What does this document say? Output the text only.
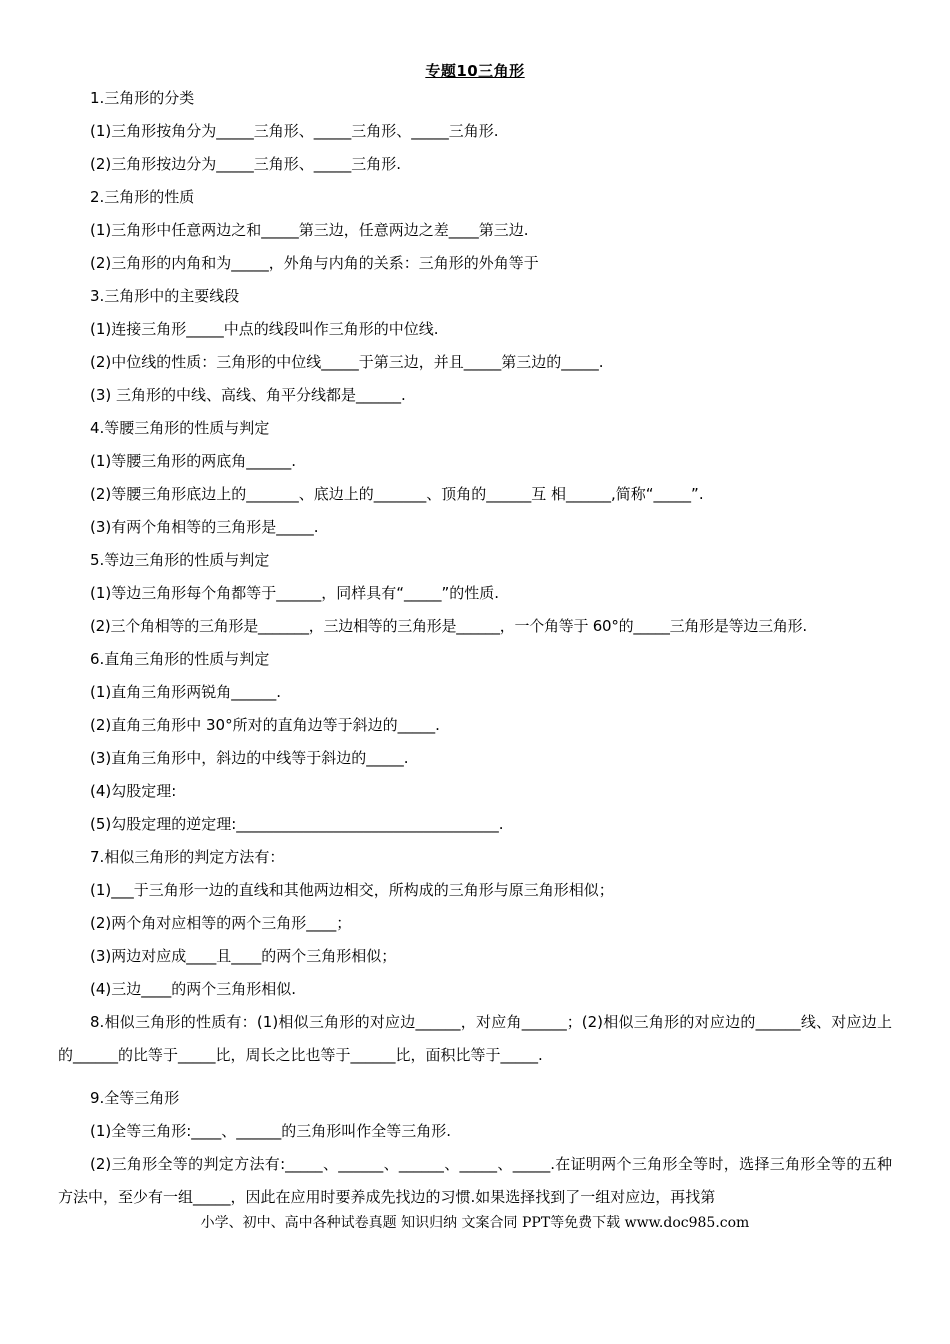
专题10三角形
1.三角形的分类
(1)三角形按角分为_____三角形、_____三角形、_____三角形.
(2)三角形按边分为_____三角形、_____三角形.
2.三角形的性质
(1)三角形中任意两边之和_____第三边，任意两边之差____第三边.
(2)三角形的内角和为_____，外角与内角的关系：三角形的外角等于
3.三角形中的主要线段
(1)连接三角形_____中点的线段叫作三角形的中位线.
(2)中位线的性质：三角形的中位线_____于第三边，并且_____第三边的_____.
(3) 三角形的中线、高线、角平分线都是______.
4.等腰三角形的性质与判定
(1)等腰三角形的两底角______.
(2)等腰三角形底边上的_______、底边上的_______、顶角的______互 相______,简称“_____”.
(3)有两个角相等的三角形是_____.
5.等边三角形的性质与判定
(1)等边三角形每个角都等于______，同样具有“_____”的性质.
(2)三个角相等的三角形是_______，三边相等的三角形是______，一个角等于 60°的_____三角形是等边三角形.
6.直角三角形的性质与判定
(1)直角三角形两锐角______.
(2)直角三角形中 30°所对的直角边等于斜边的_____.
(3)直角三角形中，斜边的中线等于斜边的_____.
(4)勾股定理:
(5)勾股定理的逆定理:___________________________________.
7.相似三角形的判定方法有：
(1)___于三角形一边的直线和其他两边相交，所构成的三角形与原三角形相似；
(2)两个角对应相等的两个三角形____；
(3)两边对应成____且____的两个三角形相似；
(4)三边____的两个三角形相似.
8.相似三角形的性质有：(1)相似三角形的对应边______，对应角______；(2)相似三角形的对应边的______线、对应边上的______的比等于_____比，周长之比也等于______比，面积比等于_____.
9.全等三角形
(1)全等三角形:____、______的三角形叫作全等三角形.
(2)三角形全等的判定方法有:_____、______、______、_____、_____.在证明两个三角形全等时，选择三角形全等的五种方法中，至少有一组_____，因此在应用时要养成先找边的习惯.如果选择找到了一组对应边，再找第
小学、初中、高中各种试卷真题 知识归纳 文案合同 PPT等免费下载 www.doc985.com
